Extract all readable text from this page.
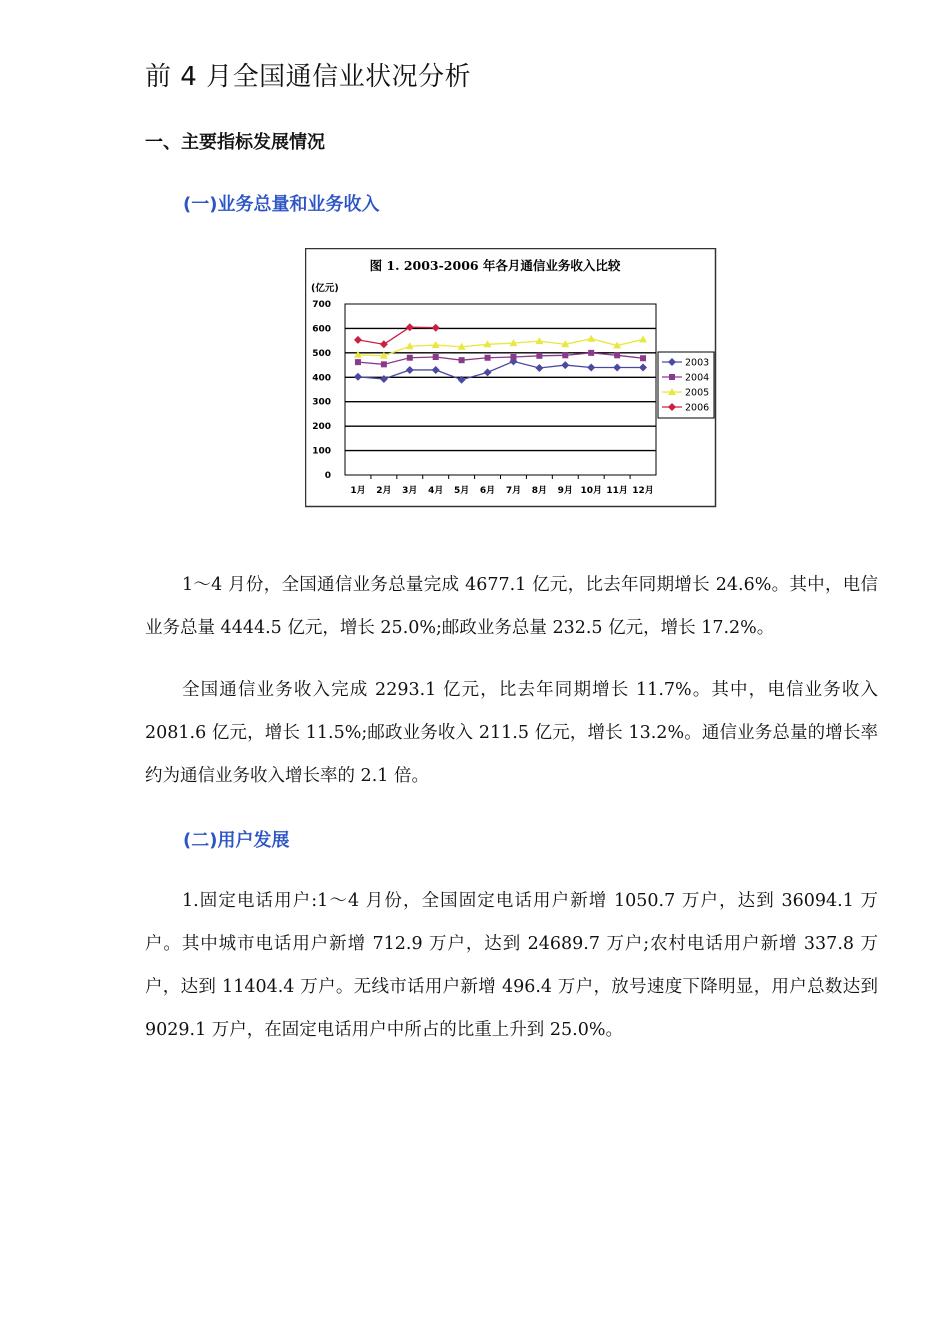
前 4 月全国通信业状况分析
一、主要指标发展情况
(一)业务总量和业务收入
图 1. 2003-2006 年各月通信业务收入比较
(亿元)
0
100
200
300
400
500
600
700
1月 2月 3月 4月 5月 6月 7月 8月 9月 10月 11月 12月
2003
2004
2005
2006

1～4 月份，全国通信业务总量完成 4677.1 亿元，比去年同期增长 24.6%。其中，电信业务总量 4444.5 亿元，增长 25.0%;邮政业务总量 232.5 亿元，增长 17.2%。

全国通信业务收入完成 2293.1 亿元，比去年同期增长 11.7%。其中，电信业务收入 2081.6 亿元，增长 11.5%;邮政业务收入 211.5 亿元，增长 13.2%。通信业务总量的增长率约为通信业务收入增长率的 2.1 倍。

(二)用户发展

1.固定电话用户:1～4 月份，全国固定电话用户新增 1050.7 万户，达到 36094.1 万户。其中城市电话用户新增 712.9 万户，达到 24689.7 万户;农村电话用户新增 337.8 万户，达到 11404.4 万户。无线市话用户新增 496.4 万户，放号速度下降明显，用户总数达到 9029.1 万户，在固定电话用户中所占的比重上升到 25.0%。
